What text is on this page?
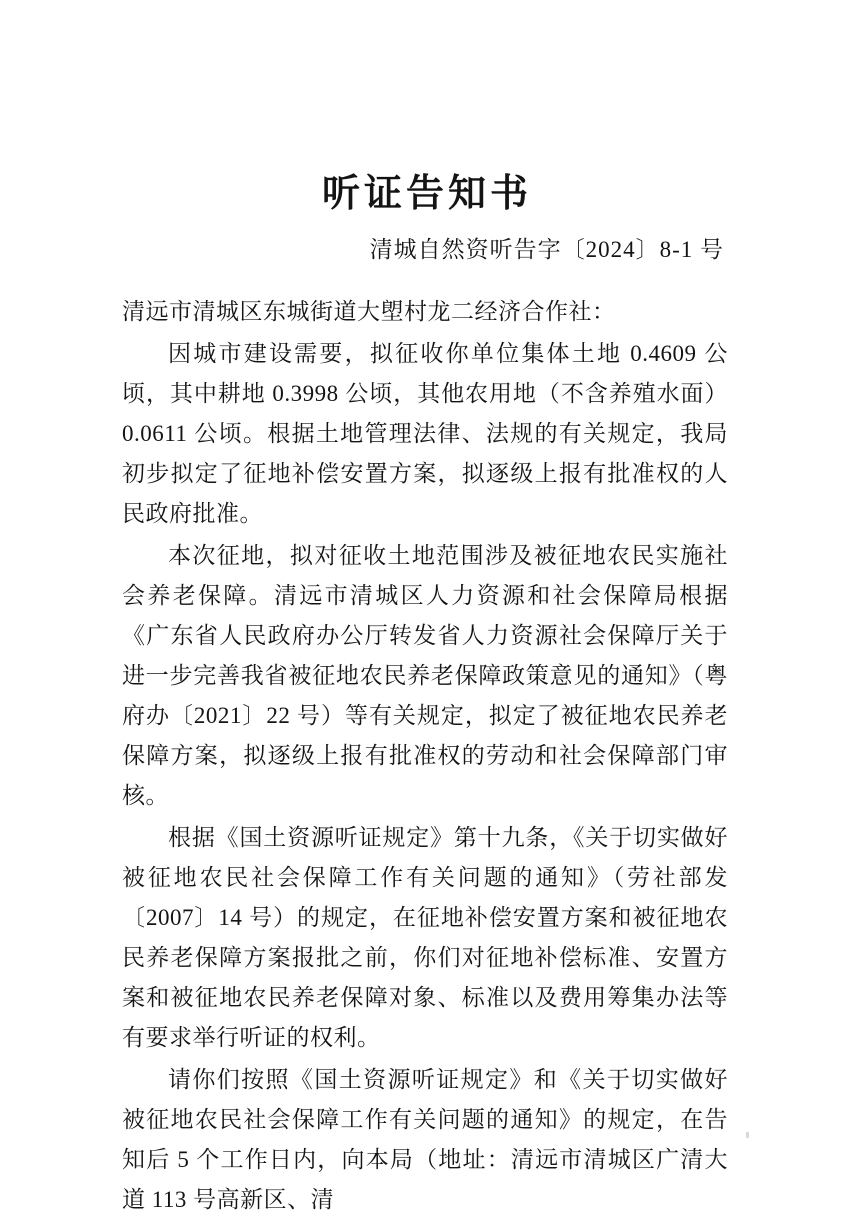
听证告知书
清城自然资听告字〔2024〕8-1 号
清远市清城区东城街道大塱村龙二经济合作社：

因城市建设需要，拟征收你单位集体土地 0.4609 公顷，其中耕地 0.3998 公顷，其他农用地（不含养殖水面）0.0611 公顷。根据土地管理法律、法规的有关规定，我局初步拟定了征地补偿安置方案，拟逐级上报有批准权的人民政府批准。

本次征地，拟对征收土地范围涉及被征地农民实施社会养老保障。清远市清城区人力资源和社会保障局根据《广东省人民政府办公厅转发省人力资源社会保障厅关于进一步完善我省被征地农民养老保障政策意见的通知》（粤府办〔2021〕22 号）等有关规定，拟定了被征地农民养老保障方案，拟逐级上报有批准权的劳动和社会保障部门审核。

根据《国土资源听证规定》第十九条，《关于切实做好被征地农民社会保障工作有关问题的通知》（劳社部发〔2007〕14 号）的规定，在征地补偿安置方案和被征地农民养老保障方案报批之前，你们对征地补偿标准、安置方案和被征地农民养老保障对象、标准以及费用筹集办法等有要求举行听证的权利。

请你们按照《国土资源听证规定》和《关于切实做好被征地农民社会保障工作有关问题的通知》的规定，在告知后 5 个工作日内，向本局（地址：清远市清城区广清大道 113 号高新区、清
